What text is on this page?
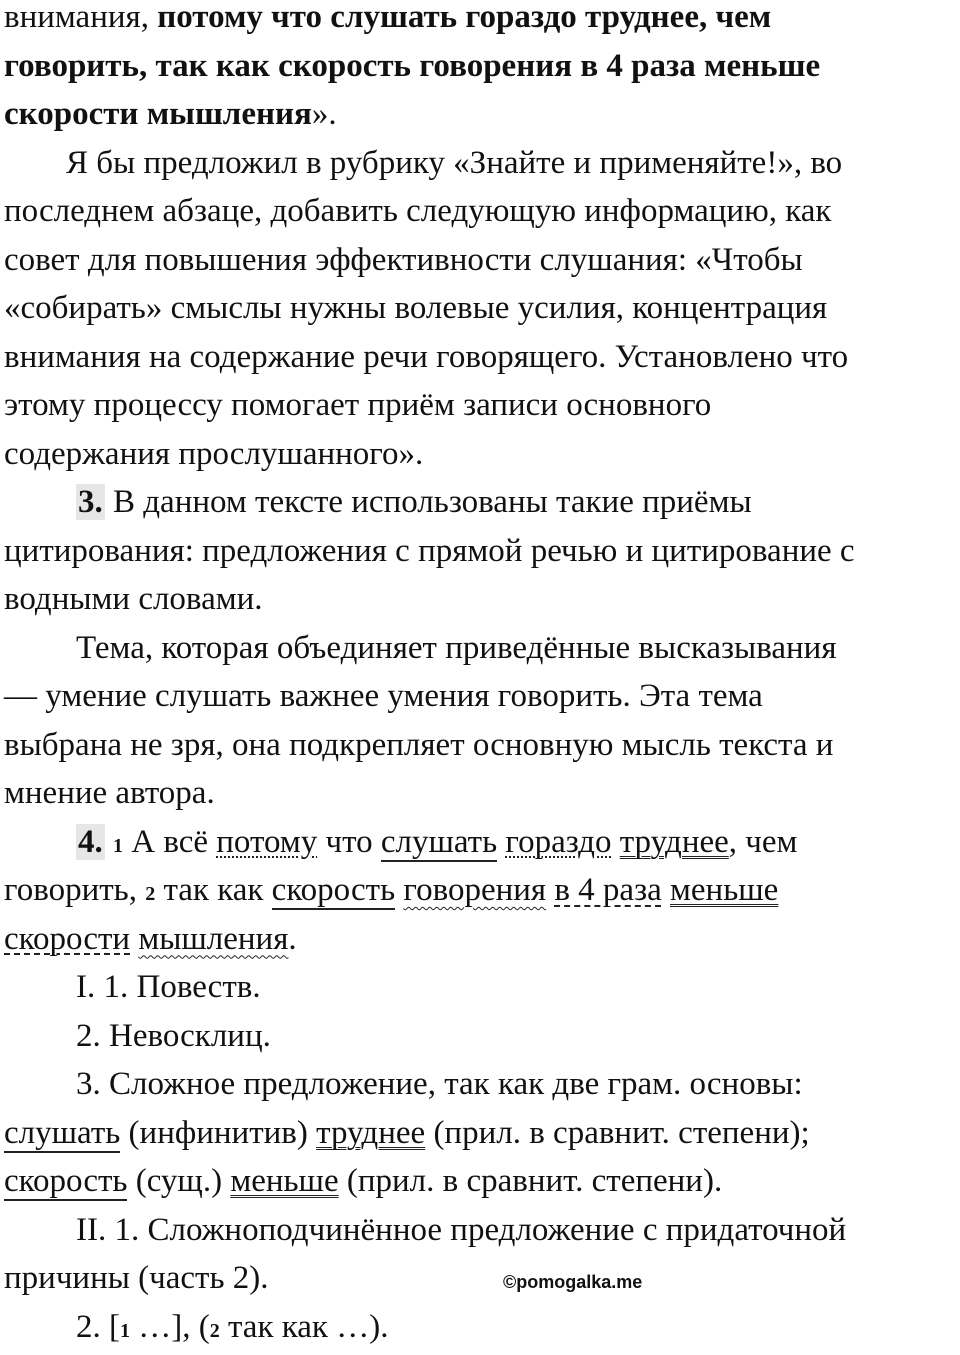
внимания, потому что слушать гораздо труднее, чем
говорить, так как скорость говорения в 4 раза меньше
скорости мышления».
Я бы предложил в рубрику «Знайте и применяйте!», во
последнем абзаце, добавить следующую информацию, как
совет для повышения эффективности слушания: «Чтобы
«собирать» смыслы нужны волевые усилия, концентрация
внимания на содержание речи говорящего. Установлено что
этому процессу помогает приём записи основного
содержания прослушанного».
3. В данном тексте использованы такие приёмы
цитирования: предложения с прямой речью и цитирование с
водными словами.
Тема, которая объединяет приведённые высказывания
— умение слушать важнее умения говорить. Эта тема
выбрана не зря, она подкрепляет основную мысль текста и
мнение автора.
4. 1 А всё потому что слушать гораздо труднее, чем
говорить, 2 так как скорость говорения в 4 раза меньше
скорости мышления.
I. 1. Повеств.
2. Невосклиц.
3. Сложное предложение, так как две грам. основы:
слушать (инфинитив) труднее (прил. в сравнит. степени);
скорость (сущ.) меньше (прил. в сравнит. степени).
II. 1. Сложноподчинённое предложение с придаточной
причины (часть 2).
2. [1 …], (2 так как …).
©pomogalka.me
